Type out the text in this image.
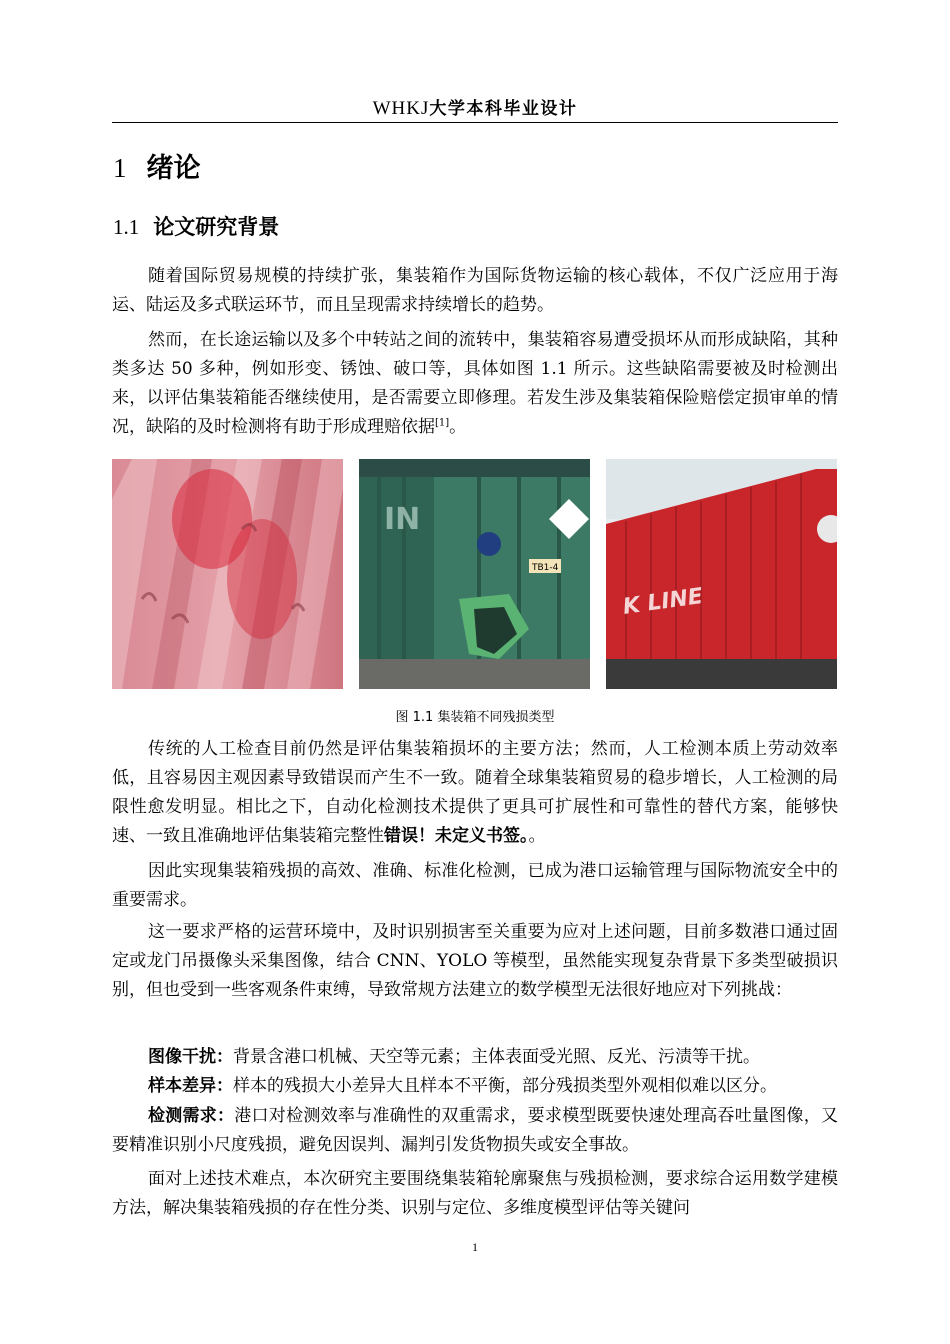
WHKJ大学本科毕业设计
1 绪论
1.1 论文研究背景

随着国际贸易规模的持续扩张，集装箱作为国际货物运输的核心载体，不仅广泛应用于海运、陆运及多式联运环节，而且呈现需求持续增长的趋势。

然而，在长途运输以及多个中转站之间的流转中，集装箱容易遭受损坏从而形成缺陷，其种类多达 50 多种，例如形变、锈蚀、破口等，具体如图 1.1 所示。这些缺陷需要被及时检测出来，以评估集装箱能否继续使用，是否需要立即修理。若发生涉及集装箱保险赔偿定损审单的情况，缺陷的及时检测将有助于形成理赔依据[1]。

IN
TB1-4
K LINE
图 1.1 集装箱不同残损类型

传统的人工检查目前仍然是评估集装箱损坏的主要方法；然而，人工检测本质上劳动效率低，且容易因主观因素导致错误而产生不一致。随着全球集装箱贸易的稳步增长，人工检测的局限性愈发明显。相比之下，自动化检测技术提供了更具可扩展性和可靠性的替代方案，能够快速、一致且准确地评估集装箱完整性错误！未定义书签。。

因此实现集装箱残损的高效、准确、标准化检测，已成为港口运输管理与国际物流安全中的重要需求。

这一要求严格的运营环境中，及时识别损害至关重要为应对上述问题，目前多数港口通过固定或龙门吊摄像头采集图像，结合 CNN、YOLO 等模型，虽然能实现复杂背景下多类型破损识别，但也受到一些客观条件束缚，导致常规方法建立的数学模型无法很好地应对下列挑战：

图像干扰：背景含港口机械、天空等元素；主体表面受光照、反光、污渍等干扰。

样本差异：样本的残损大小差异大且样本不平衡，部分残损类型外观相似难以区分。

检测需求：港口对检测效率与准确性的双重需求，要求模型既要快速处理高吞吐量图像，又要精准识别小尺度残损，避免因误判、漏判引发货物损失或安全事故。

面对上述技术难点，本次研究主要围绕集装箱轮廓聚焦与残损检测，要求综合运用数学建模方法，解决集装箱残损的存在性分类、识别与定位、多维度模型评估等关键问

1
